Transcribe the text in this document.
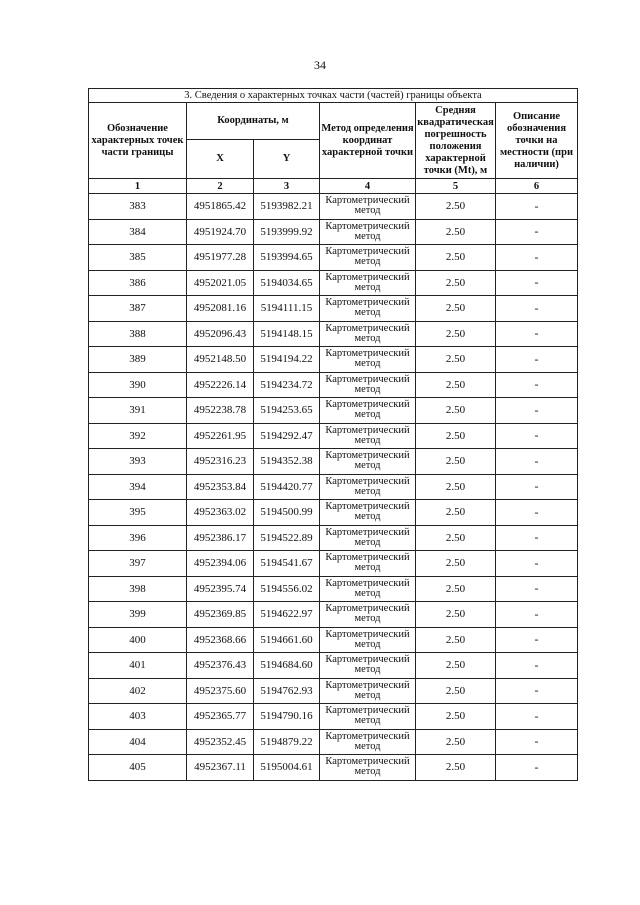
34
3. Сведения о характерных точках части (частей) границы объекта					
Обозначение характерных точек части границы	Координаты, м		Метод определения координат характерной точки	Средняя квадратическая погрешность положения характерной точки (Mt), м	Описание обозначения точки на местности (при наличии)
	X	Y			
1	2	3	4	5	6
383	4951865.42	5193982.21	Картометрический метод	2.50	-
384	4951924.70	5193999.92	Картометрический метод	2.50	-
385	4951977.28	5193994.65	Картометрический метод	2.50	-
386	4952021.05	5194034.65	Картометрический метод	2.50	-
387	4952081.16	5194111.15	Картометрический метод	2.50	-
388	4952096.43	5194148.15	Картометрический метод	2.50	-
389	4952148.50	5194194.22	Картометрический метод	2.50	-
390	4952226.14	5194234.72	Картометрический метод	2.50	-
391	4952238.78	5194253.65	Картометрический метод	2.50	-
392	4952261.95	5194292.47	Картометрический метод	2.50	-
393	4952316.23	5194352.38	Картометрический метод	2.50	-
394	4952353.84	5194420.77	Картометрический метод	2.50	-
395	4952363.02	5194500.99	Картометрический метод	2.50	-
396	4952386.17	5194522.89	Картометрический метод	2.50	-
397	4952394.06	5194541.67	Картометрический метод	2.50	-
398	4952395.74	5194556.02	Картометрический метод	2.50	-
399	4952369.85	5194622.97	Картометрический метод	2.50	-
400	4952368.66	5194661.60	Картометрический метод	2.50	-
401	4952376.43	5194684.60	Картометрический метод	2.50	-
402	4952375.60	5194762.93	Картометрический метод	2.50	-
403	4952365.77	5194790.16	Картометрический метод	2.50	-
404	4952352.45	5194879.22	Картометрический метод	2.50	-
405	4952367.11	5195004.61	Картометрический метод	2.50	-
